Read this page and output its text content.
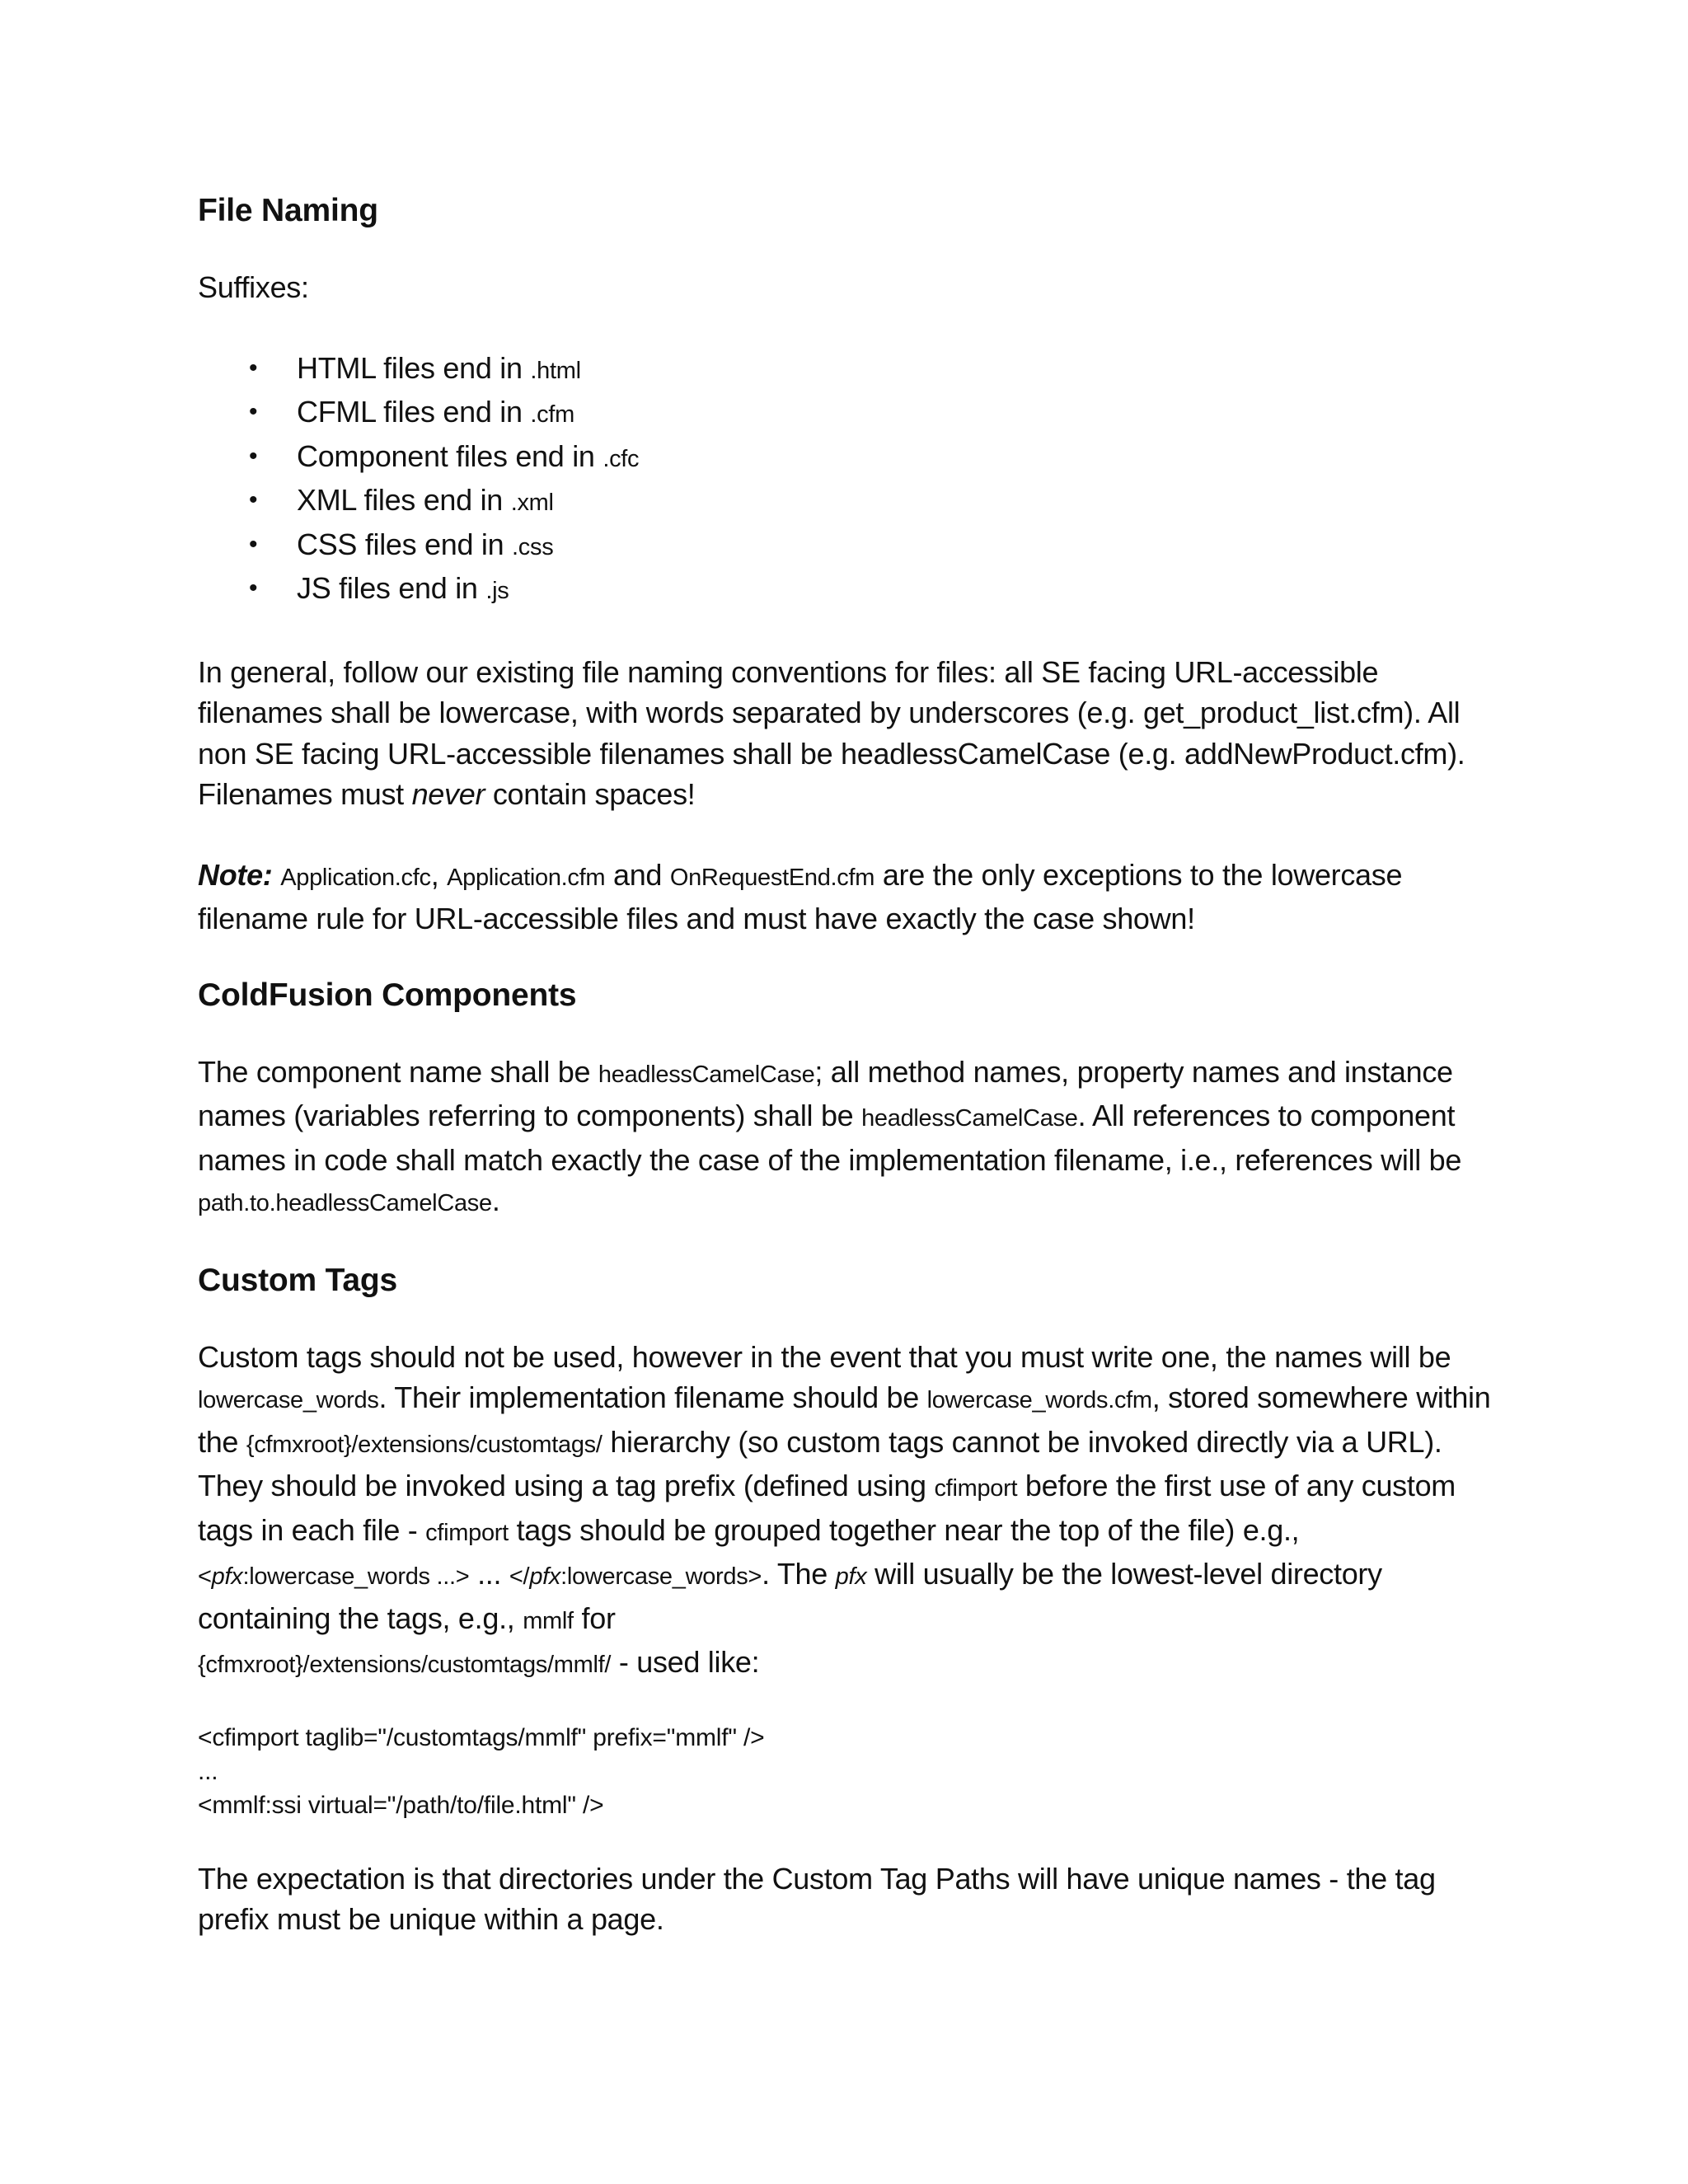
File Naming

Suffixes:

• HTML files end in .html
• CFML files end in .cfm
• Component files end in .cfc
• XML files end in .xml
• CSS files end in .css
• JS files end in .js

In general, follow our existing file naming conventions for files: all SE facing URL-accessible filenames shall be lowercase, with words separated by underscores (e.g. get_product_list.cfm). All non SE facing URL-accessible filenames shall be headlessCamelCase (e.g. addNewProduct.cfm). Filenames must never contain spaces!

Note: Application.cfc, Application.cfm and OnRequestEnd.cfm are the only exceptions to the lowercase filename rule for URL-accessible files and must have exactly the case shown!

ColdFusion Components

The component name shall be headlessCamelCase; all method names, property names and instance names (variables referring to components) shall be headlessCamelCase. All references to component names in code shall match exactly the case of the implementation filename, i.e., references will be path.to.headlessCamelCase.

Custom Tags

Custom tags should not be used, however in the event that you must write one, the names will be lowercase_words. Their implementation filename should be lowercase_words.cfm, stored somewhere within the {cfmxroot}/extensions/customtags/ hierarchy (so custom tags cannot be invoked directly via a URL). They should be invoked using a tag prefix (defined using cfimport before the first use of any custom tags in each file - cfimport tags should be grouped together near the top of the file) e.g., <pfx:lowercase_words ...> ... </pfx:lowercase_words>. The pfx will usually be the lowest-level directory containing the tags, e.g., mmlf for
{cfmxroot}/extensions/customtags/mmlf/ - used like:

<cfimport taglib="/customtags/mmlf" prefix="mmlf" />
...
<mmlf:ssi virtual="/path/to/file.html" />

The expectation is that directories under the Custom Tag Paths will have unique names - the tag prefix must be unique within a page.
